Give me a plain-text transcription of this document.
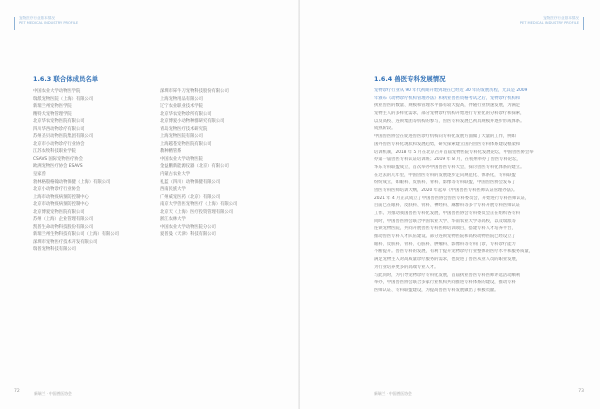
宠物医疗行业基本情况
PET MEDICAL INDUSTRY PROFILE
1.6.3 联合体成员名单
中国农业大学动物医学院
瑞派宠物医院（上海）有限公司
新瑞兰州宠物医学院
精特犬宠物管理学院
北京华农宠物医院有限公司
四川华西动物诊疗有限公司
苏州圣贝动物医院集团有限公司
北京市小动物诊疗行业协会
江苏农牧科技职业学院
CSAVS 国际宠物医疗协会
欧洲宠物医疗协会 ESAVS
皇家兽
勃林格殷格翰动物保健（上海）有限公司
北京小动物诊疗行业协会
上海市动物疫病预防控制中心
北京市动物疫病预防控制中心
北京博爱宠物医院有限公司
苏州（上海）企业管理有限公司
凯普生命动物科技股份有限公司
新瑞兰州生物科技有限公司（上海）有限公司
深圳市宠物医疗技术开发有限公司
瑞普宠物科技有限公司
深圳市犀牛刀宠物科技股份有限公司
上海宠物用品有限公司
辽宁农业职业技术学院
北京华农宠物诊所有限公司
北京博爱小动物种群研究有限公司
青岛宠物医疗技术研究院
上海宠物医院有限公司
上海越苍宠物医院有限公司
教种精管系
中国农业大学动物医院
金益鹏新能源仪器（北京）有限公司
内蒙古农业大学
礼蓝（四川）动物保健有限公司
西南民族大学
广州威宠医药（北京）有限公司
南京大学兽医宠物医疗（上海）有限公司
北京天（上海）医疗投资管理有限公司
浙江农林大学
中国农业大学动物医院分公司
爱普曼（天津）科技有限公司
新瑞兰 · 中国兽医协会
72
宠物医疗行业基本情况
PET MEDICAL INDUSTRY PROFILE
1.6.4 兽医专科发展情况
宠物诊疗行业从 90 年代初期开始到现在已经近 30 年的发展历程，尤其是 2009
年颁布《动物诊疗机构管理办法》和执业兽医资格考试之后，宠物诊疗机构和
执业兽医的数量、规模和管理水平都有较大提高，伴随行业快速发展，为满足
宠物主人的多样化需求，部分宠物诊疗机构开始进行专业化的分科诊疗和探索，
以及高校、连锁集团等机构的参与，兽医专科发展已初具规模并逐步形成体系。
成熟阶段。
中国兽医协会在促进兽医诊疗机构向专科化发展方面做了大量的工作，例如
国外兽医专科化现状和发展趋势，研究探索建立国内兽医专科体系建设框架和
培训机制，2018 年 5 月在北京召开首届宠物医院专科化发展论坛，中国兽医协会举
办第一届兽医专科认证培训班；2019 年 8 月，在杭州举办了兽医专科论坛，
华东专科联盟成立，首次举办中国兽医专科大会，探讨兽医专科化体系的建立。
在过去的几年里，中国兽医专科的发展逐步走向规范化、体系化，专科联盟
纷纷成立，如眼科、皮肤科、骨科、影像等专科联盟，中国兽医协会发布了
兽医专科医师培训大纲，2020 年起草《中国兽医专科医师认证管理办法》。
2021 年 4 月正式成立了中国兽医协会兽医专科委员会，开始进行专科医师认证，
目前已在眼科、皮肤科、骨科、神经科、麻醉科等多个专科开展专科医师认证
工作。为推动我国兽医专科化发展，中国兽医协会专科委员会正在组织各专科
同时，中国兽医协会联合中国农业大学、华南农业大学等高校，以及瑞派等
连锁宠物医院，共同开展兽医专科医师培训项目，搭建专科人才培养平台，
推动兽医专科人才队伍建设。部分连锁宠物医院和高校动物医院已经设立了
眼科、皮肤科、骨科、心脏科、肿瘤科、影像科等专科门诊，专科诊疗能力
不断提升。兽医专科的发展，有利于提升宠物诊疗行业整体的医疗水平和服务质量，
满足宠物主人对高质量诊疗服务的需求，也促进了兽医从业人员的职业发展，
为行业培养更多的高端专业人才。
与此同时，为引导宠物诊疗专科化发展，首届执业兽医专科医师评选活动顺利
举办，中国兽医协会联合多家行业机构共同推进专科体系的建设，推动专科
医师认证、专科联盟建设，为提高兽医专科发展做出了积极贡献。
新瑞兰 · 中国兽医协会	73
